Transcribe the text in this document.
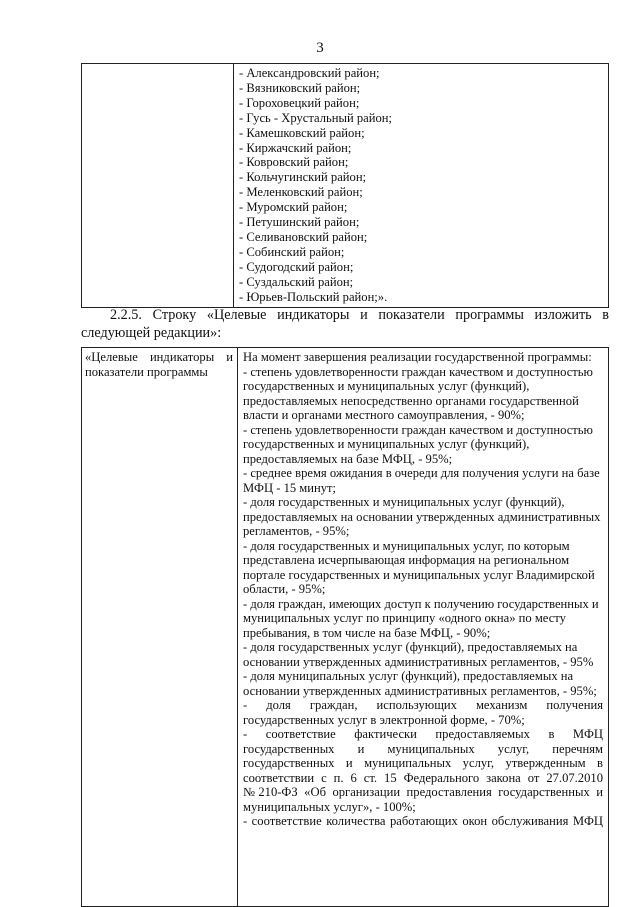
3

- Александровский район;
- Вязниковский район;
- Гороховецкий район;
- Гусь - Хрустальный район;
- Камешковский район;
- Киржачский район;
- Ковровский район;
- Кольчугинский район;
- Меленковский район;
- Муромский район;
- Петушинский район;
- Селивановский район;
- Собинский район;
- Судогодский район;
- Суздальский район;
- Юрьев-Польский район;».
2.2.5. Строку «Целевые индикаторы и показатели программы изложить в
следующей редакции»:
«Целевые индикаторы и
показатели программы

На момент завершения реализации государственной программы:
- степень удовлетворенности граждан качеством и доступностью государственных и муниципальных услуг (функций), предоставляемых непосредственно органами государственной власти и органами местного самоуправления, - 90%;
- степень удовлетворенности граждан качеством и доступностью государственных и муниципальных услуг (функций), предоставляемых на базе МФЦ, - 95%;
- среднее время ожидания в очереди для получения услуги на базе МФЦ - 15 минут;
- доля государственных и муниципальных услуг (функций), предоставляемых на основании утвержденных административных регламентов, - 95%;
- доля государственных и муниципальных услуг, по которым представлена исчерпывающая информация на региональном портале государственных и муниципальных услуг Владимирской области, - 95%;
- доля граждан, имеющих доступ к получению государственных и муниципальных услуг по принципу «одного окна» по месту пребывания, в том числе на базе МФЦ, - 90%;
- доля государственных услуг (функций), предоставляемых на основании утвержденных административных регламентов, - 95%
- доля муниципальных услуг (функций), предоставляемых на основании утвержденных административных регламентов, - 95%;
- доля граждан, использующих механизм получения государственных услуг в электронной форме, - 70%;
- соответствие фактически предоставляемых в МФЦ государственных и муниципальных услуг, перечням государственных и муниципальных услуг, утвержденным в соответствии с п. 6 ст. 15 Федерального закона от 27.07.2010 №210-ФЗ «Об организации предоставления государственных и муниципальных услуг», - 100%;
- соответствие количества работающих окон обслуживания МФЦ
